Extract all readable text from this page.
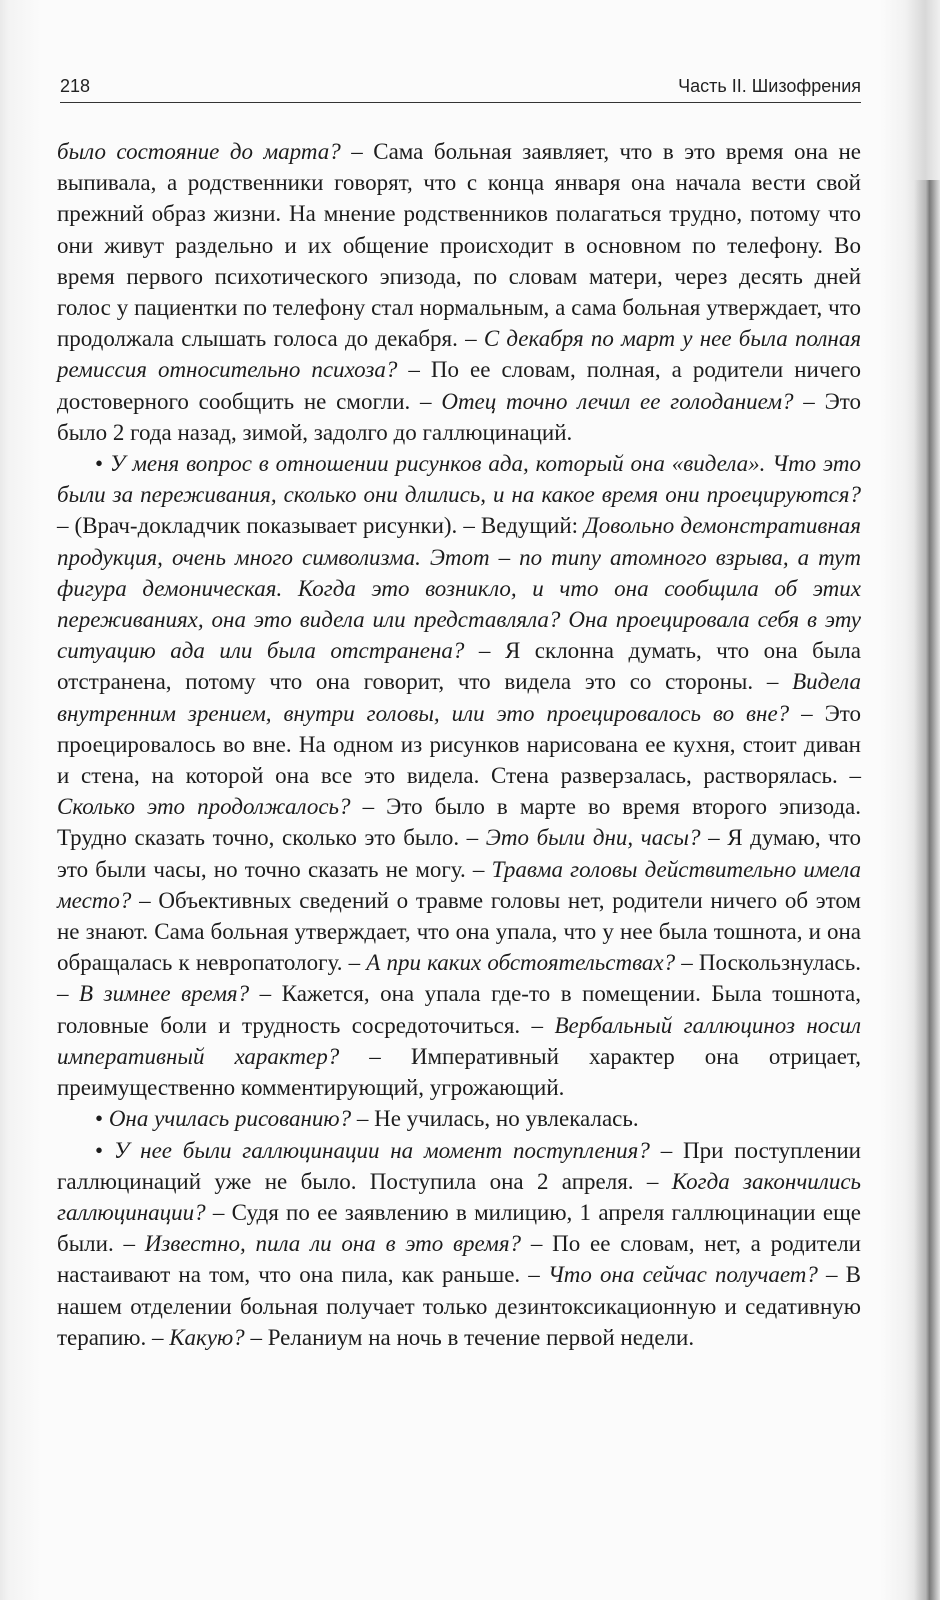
218	Часть II. Шизофрения

было состояние до марта? – Сама больная заявляет, что в это время она не выпивала, а родственники говорят, что с конца января она начала вести свой прежний образ жизни. На мнение родственников полагаться трудно, потому что они живут раздельно и их общение происходит в основном по телефону. Во время первого психотического эпизода, по словам матери, через десять дней голос у пациентки по телефону стал нормальным, а сама больная утверждает, что продолжала слышать голоса до декабря. – С декабря по март у нее была полная ремиссия относительно психоза? – По ее словам, полная, а родители ничего достоверного сообщить не смогли. – Отец точно лечил ее голоданием? – Это было 2 года назад, зимой, задолго до галлюцинаций.

• У меня вопрос в отношении рисунков ада, который она «видела». Что это были за переживания, сколько они длились, и на какое время они проецируются? – (Врач-докладчик показывает рисунки). – Ведущий: Довольно демонстративная продукция, очень много символизма. Этот – по типу атомного взрыва, а тут фигура демоническая. Когда это возникло, и что она сообщила об этих переживаниях, она это видела или представляла? Она проецировала себя в эту ситуацию ада или была отстранена? – Я склонна думать, что она была отстранена, потому что она говорит, что видела это со стороны. – Видела внутренним зрением, внутри головы, или это проецировалось во вне? – Это проецировалось во вне. На одном из рисунков нарисована ее кухня, стоит диван и стена, на которой она все это видела. Стена разверзалась, растворялась. – Сколько это продолжалось? – Это было в марте во время второго эпизода. Трудно сказать точно, сколько это было. – Это были дни, часы? – Я думаю, что это были часы, но точно сказать не могу. – Травма головы действительно имела место? – Объективных сведений о травме головы нет, родители ничего об этом не знают. Сама больная утверждает, что она упала, что у нее была тошнота, и она обращалась к невропатологу. – А при каких обстоятельствах? – Поскользнулась. – В зимнее время? – Кажется, она упала где-то в помещении. Была тошнота, головные боли и трудность сосредоточиться. – Вербальный галлюциноз носил императивный характер? – Императивный характер она отрицает, преимущественно комментирующий, угрожающий.

• Она училась рисованию? – Не училась, но увлекалась.

• У нее были галлюцинации на момент поступления? – При поступлении галлюцинаций уже не было. Поступила она 2 апреля. – Когда закончились галлюцинации? – Судя по ее заявлению в милицию, 1 апреля галлюцинации еще были. – Известно, пила ли она в это время? – По ее словам, нет, а родители настаивают на том, что она пила, как раньше. – Что она сейчас получает? – В нашем отделении больная получает только дезинтоксикационную и седативную терапию. – Какую? – Реланиум на ночь в течение первой недели.
